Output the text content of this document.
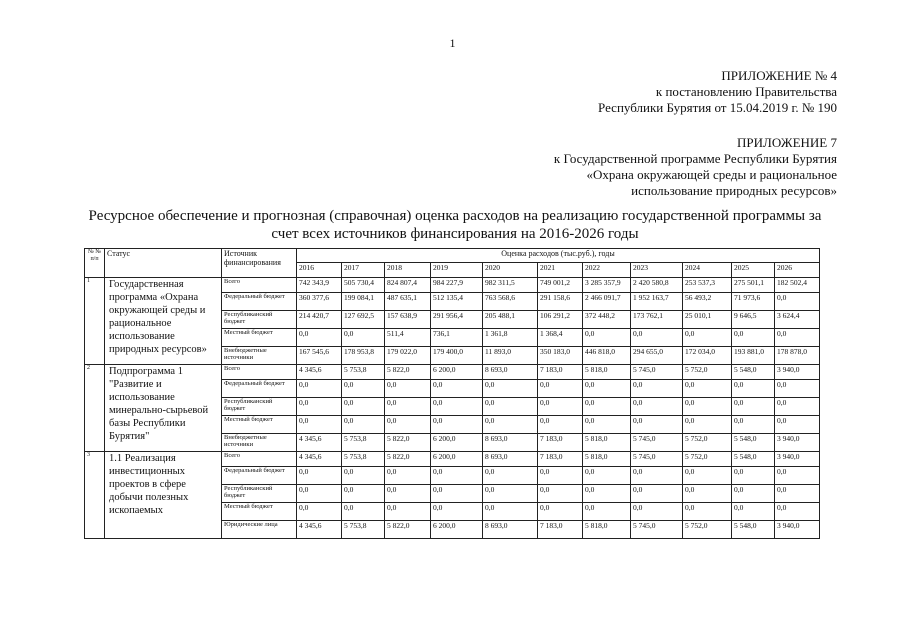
1
ПРИЛОЖЕНИЕ № 4
к постановлению Правительства
Республики Бурятия от 15.04.2019 г. № 190
ПРИЛОЖЕНИЕ 7
к Государственной программе Республики Бурятия
«Охрана окружающей среды и рациональное
использование природных ресурсов»
Ресурсное обеспечение и прогнозная (справочная) оценка расходов на реализацию государственной программы за
счет всех источников финансирования на 2016-2026 годы
№ № п/п	Статус	Источник финансирования	Оценка расходов (тыс.руб.), годы										
			2016	2017	2018	2019	2020	2021	2022	2023	2024	2025	2026
1	Государственная программа «Охрана окружающей среды и рациональное использование природных ресурсов»	Всего	742 343,9	505 730,4	824 807,4	984 227,9	982 311,5	749 001,2	3 285 357,9	2 420 580,8	253 537,3	275 501,1	182 502,4
		Федеральный бюджет	360 377,6	199 084,1	487 635,1	512 135,4	763 568,6	291 158,6	2 466 091,7	1 952 163,7	56 493,2	71 973,6	0,0
		Республиканский бюджет	214 420,7	127 692,5	157 638,9	291 956,4	205 488,1	106 291,2	372 448,2	173 762,1	25 010,1	9 646,5	3 624,4
		Местный бюджет	0,0	0,0	511,4	736,1	1 361,8	1 368,4	0,0	0,0	0,0	0,0	0,0
		Внебюджетные источники	167 545,6	178 953,8	179 022,0	179 400,0	11 893,0	350 183,0	446 818,0	294 655,0	172 034,0	193 881,0	178 878,0
2	Подпрограмма 1 "Развитие и использование минерально-сырьевой базы Республики Бурятия"	Всего	4 345,6	5 753,8	5 822,0	6 200,0	8 693,0	7 183,0	5 818,0	5 745,0	5 752,0	5 548,0	3 940,0
		Федеральный бюджет	0,0	0,0	0,0	0,0	0,0	0,0	0,0	0,0	0,0	0,0	0,0
		Республиканский бюджет	0,0	0,0	0,0	0,0	0,0	0,0	0,0	0,0	0,0	0,0	0,0
		Местный бюджет	0,0	0,0	0,0	0,0	0,0	0,0	0,0	0,0	0,0	0,0	0,0
		Внебюджетные источники	4 345,6	5 753,8	5 822,0	6 200,0	8 693,0	7 183,0	5 818,0	5 745,0	5 752,0	5 548,0	3 940,0
3	1.1 Реализация инвестиционных проектов в сфере добычи полезных ископаемых	Всего	4 345,6	5 753,8	5 822,0	6 200,0	8 693,0	7 183,0	5 818,0	5 745,0	5 752,0	5 548,0	3 940,0
		Федеральный бюджет	0,0	0,0	0,0	0,0	0,0	0,0	0,0	0,0	0,0	0,0	0,0
		Республиканский бюджет	0,0	0,0	0,0	0,0	0,0	0,0	0,0	0,0	0,0	0,0	0,0
		Местный бюджет	0,0	0,0	0,0	0,0	0,0	0,0	0,0	0,0	0,0	0,0	0,0
		Юридические лица	4 345,6	5 753,8	5 822,0	6 200,0	8 693,0	7 183,0	5 818,0	5 745,0	5 752,0	5 548,0	3 940,0
